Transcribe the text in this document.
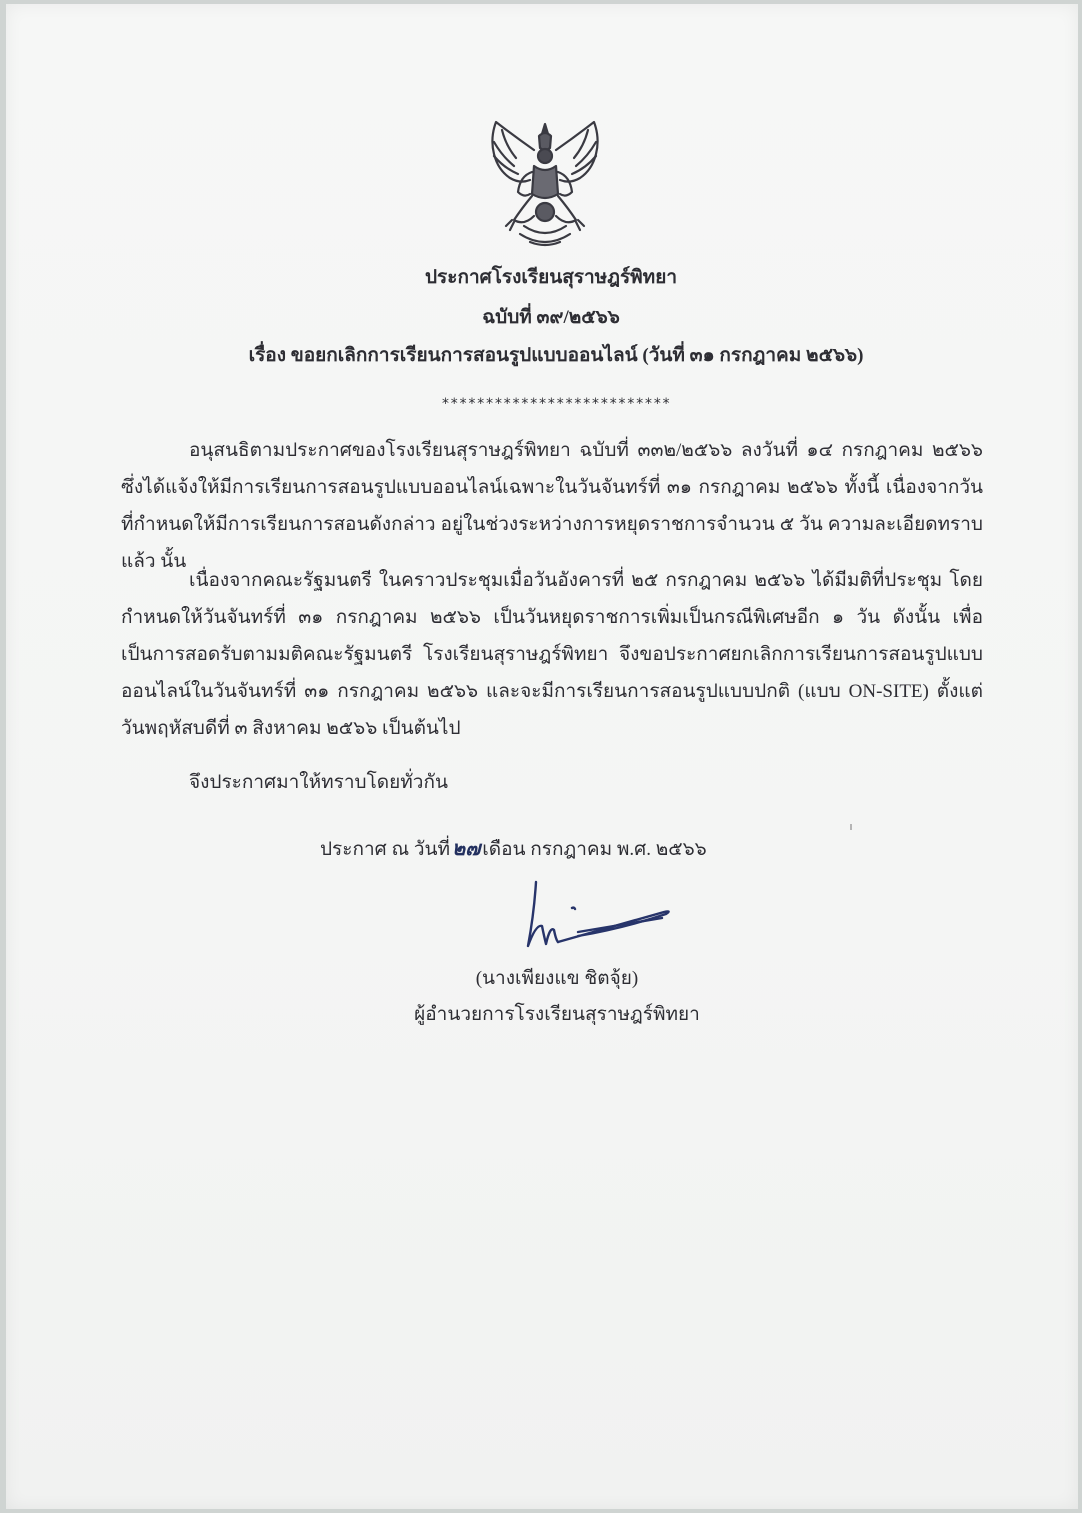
ประกาศโรงเรียนสุราษฎร์พิทยา
ฉบับที่ ๓๙/๒๕๖๖
เรื่อง ขอยกเลิกการเรียนการสอนรูปแบบออนไลน์ (วันที่ ๓๑ กรกฎาคม ๒๕๖๖)
**************************
อนุสนธิตามประกาศของโรงเรียนสุราษฎร์พิทยา ฉบับที่ ๓๓๒/๒๕๖๖ ลงวันที่ ๑๔ กรกฎาคม ๒๕๖๖ ซึ่งได้แจ้งให้มีการเรียนการสอนรูปแบบออนไลน์เฉพาะในวันจันทร์ที่ ๓๑ กรกฎาคม ๒๕๖๖ ทั้งนี้ เนื่องจากวันที่กำหนดให้มีการเรียนการสอนดังกล่าว อยู่ในช่วงระหว่างการหยุดราชการจำนวน ๕ วัน ความละเอียดทราบแล้ว นั้น
เนื่องจากคณะรัฐมนตรี ในคราวประชุมเมื่อวันอังคารที่ ๒๕ กรกฎาคม ๒๕๖๖ ได้มีมติที่ประชุม โดยกำหนดให้วันจันทร์ที่ ๓๑ กรกฎาคม ๒๕๖๖ เป็นวันหยุดราชการเพิ่มเป็นกรณีพิเศษอีก ๑ วัน ดังนั้น เพื่อเป็นการสอดรับตามมติคณะรัฐมนตรี โรงเรียนสุราษฎร์พิทยา จึงขอประกาศยกเลิกการเรียนการสอนรูปแบบออนไลน์ในวันจันทร์ที่ ๓๑ กรกฎาคม ๒๕๖๖ และจะมีการเรียนการสอนรูปแบบปกติ (แบบ ON-SITE) ตั้งแต่วันพฤหัสบดีที่ ๓ สิงหาคม ๒๕๖๖ เป็นต้นไป
จึงประกาศมาให้ทราบโดยทั่วกัน
ประกาศ ณ วันที่ ๒๗ เดือน กรกฎาคม พ.ศ. ๒๕๖๖
(นางเพียงแข ชิตจุ้ย)
ผู้อำนวยการโรงเรียนสุราษฎร์พิทยา
